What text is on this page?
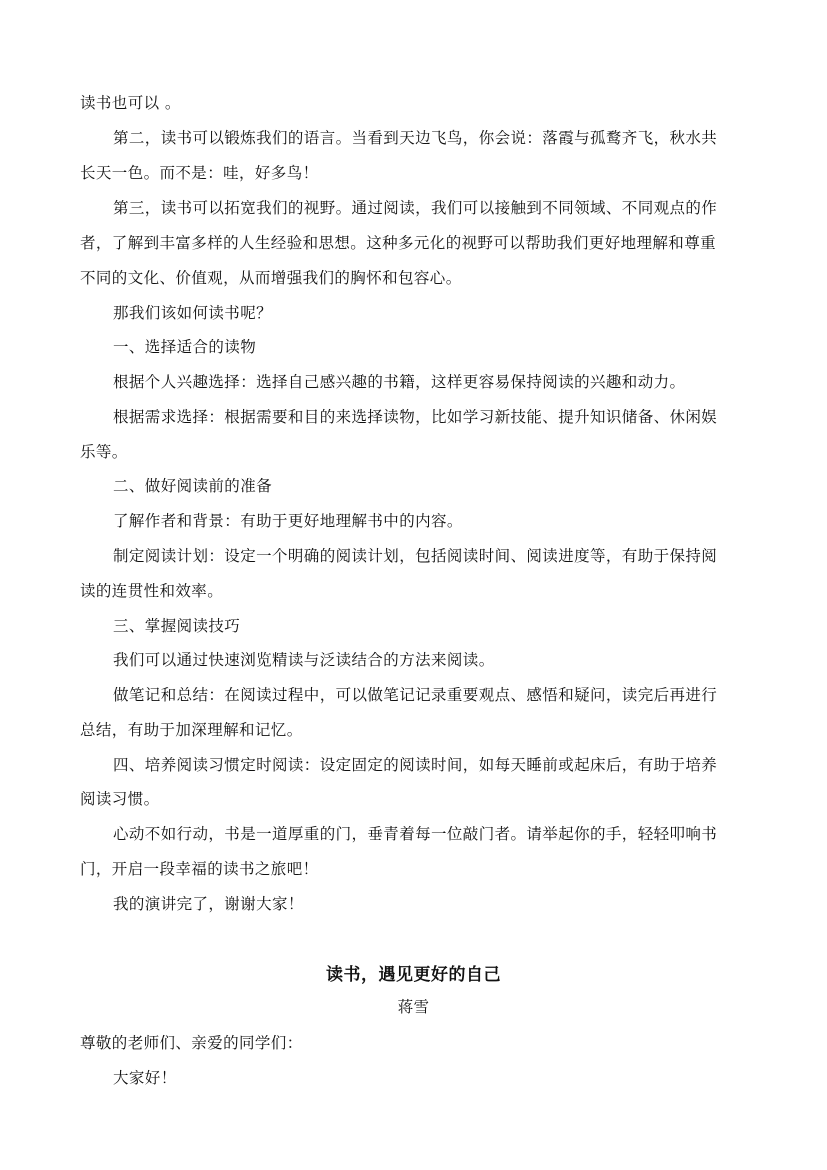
读书也可以 。
第二，读书可以锻炼我们的语言。当看到天边飞鸟，你会说：落霞与孤鹜齐飞，秋水共
长天一色。而不是：哇，好多鸟！
第三，读书可以拓宽我们的视野。通过阅读，我们可以接触到不同领域、不同观点的作
者，了解到丰富多样的人生经验和思想。这种多元化的视野可以帮助我们更好地理解和尊重
不同的文化、价值观，从而增强我们的胸怀和包容心。
那我们该如何读书呢？
一、选择适合的读物
根据个人兴趣选择：选择自己感兴趣的书籍，这样更容易保持阅读的兴趣和动力。
根据需求选择：根据需要和目的来选择读物，比如学习新技能、提升知识储备、休闲娱
乐等。
二、做好阅读前的准备
了解作者和背景：有助于更好地理解书中的内容。
制定阅读计划：设定一个明确的阅读计划，包括阅读时间、阅读进度等，有助于保持阅
读的连贯性和效率。
三、掌握阅读技巧
我们可以通过快速浏览精读与泛读结合的方法来阅读。
做笔记和总结：在阅读过程中，可以做笔记记录重要观点、感悟和疑问，读完后再进行
总结，有助于加深理解和记忆。
四、培养阅读习惯定时阅读：设定固定的阅读时间，如每天睡前或起床后，有助于培养
阅读习惯。
心动不如行动，书是一道厚重的门，垂青着每一位敲门者。请举起你的手，轻轻叩响书
门，开启一段幸福的读书之旅吧！
我的演讲完了，谢谢大家！
读书，遇见更好的自己
蒋雪
尊敬的老师们、亲爱的同学们：
大家好！
